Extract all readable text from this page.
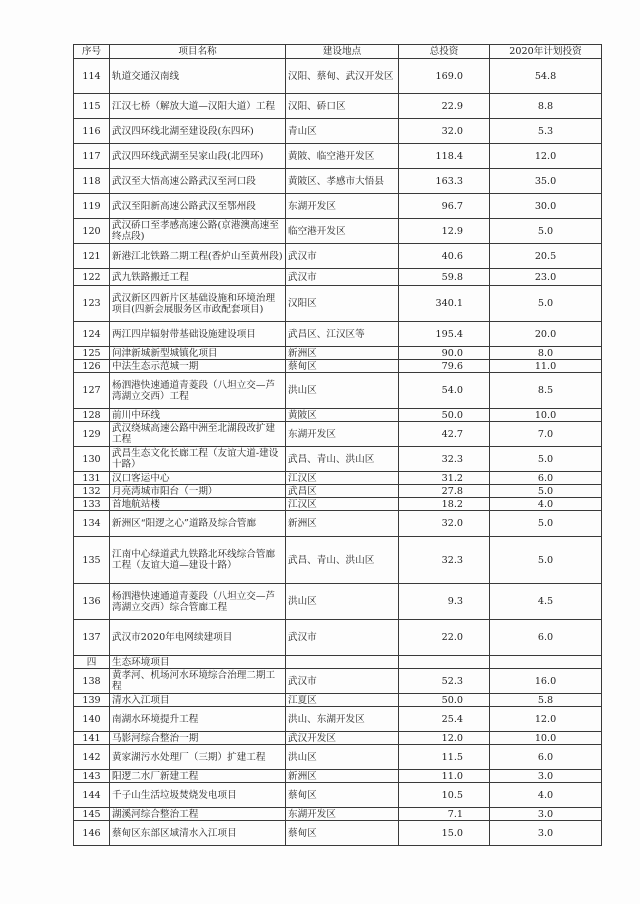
序号	项目名称	建设地点	总投资	2020年计划投资
114	轨道交通汉南线	汉阳、蔡甸、武汉开发区	169.0	54.8
115	江汉七桥（解放大道—汉阳大道）工程	汉阳、硚口区	22.9	8.8
116	武汉四环线北湖至建设段(东四环)	青山区	32.0	5.3
117	武汉四环线武湖至吴家山段(北四环)	黄陂、临空港开发区	118.4	12.0
118	武汉至大悟高速公路武汉至河口段	黄陂区、孝感市大悟县	163.3	35.0
119	武汉至阳新高速公路武汉至鄂州段	东湖开发区	96.7	30.0
120	武汉硚口至孝感高速公路(京港澳高速至终点段)	临空港开发区	12.9	5.0
121	新港江北铁路二期工程(香炉山至黄州段)	武汉市	40.6	20.5
122	武九铁路搬迁工程	武汉市	59.8	23.0
123	武汉新区四新片区基础设施和环境治理项目(四新会展服务区市政配套项目)	汉阳区	340.1	5.0
124	两江四岸辐射带基础设施建设项目	武昌区、江汉区等	195.4	20.0
125	问津新城新型城镇化项目	新洲区	90.0	8.0
126	中法生态示范城一期	蔡甸区	79.6	11.0
127	杨泗港快速通道青菱段（八坦立交—芦湾湖立交西）工程	洪山区	54.0	8.5
128	前川中环线	黄陂区	50.0	10.0
129	武汉绕城高速公路中洲至北湖段改扩建工程	东湖开发区	42.7	7.0
130	武昌生态文化长廊工程（友谊大道-建设十路）	武昌、青山、洪山区	32.3	5.0
131	汉口客运中心	江汉区	31.2	6.0
132	月亮湾城市阳台（一期）	武昌区	27.8	5.0
133	首地航站楼	江汉区	18.2	4.0
134	新洲区“阳逻之心”道路及综合管廊	新洲区	32.0	5.0
135	江南中心绿道武九铁路北环线综合管廊工程（友谊大道—建设十路）	武昌、青山、洪山区	32.3	5.0
136	杨泗港快速通道青菱段（八坦立交—芦湾湖立交西）综合管廊工程	洪山区	9.3	4.5
137	武汉市2020年电网续建项目	武汉市	22.0	6.0
四	生态环境项目			
138	黄孝河、机场河水环境综合治理二期工程	武汉市	52.3	16.0
139	清水入江项目	江夏区	50.0	5.8
140	南湖水环境提升工程	洪山、东湖开发区	25.4	12.0
141	马影河综合整治一期	武汉开发区	12.0	10.0
142	黄家湖污水处理厂（三期）扩建工程	洪山区	11.5	6.0
143	阳逻二水厂新建工程	新洲区	11.0	3.0
144	千子山生活垃圾焚烧发电项目	蔡甸区	10.5	4.0
145	湖溪河综合整治工程	东湖开发区	7.1	3.0
146	蔡甸区东部区域清水入江项目	蔡甸区	15.0	3.0
